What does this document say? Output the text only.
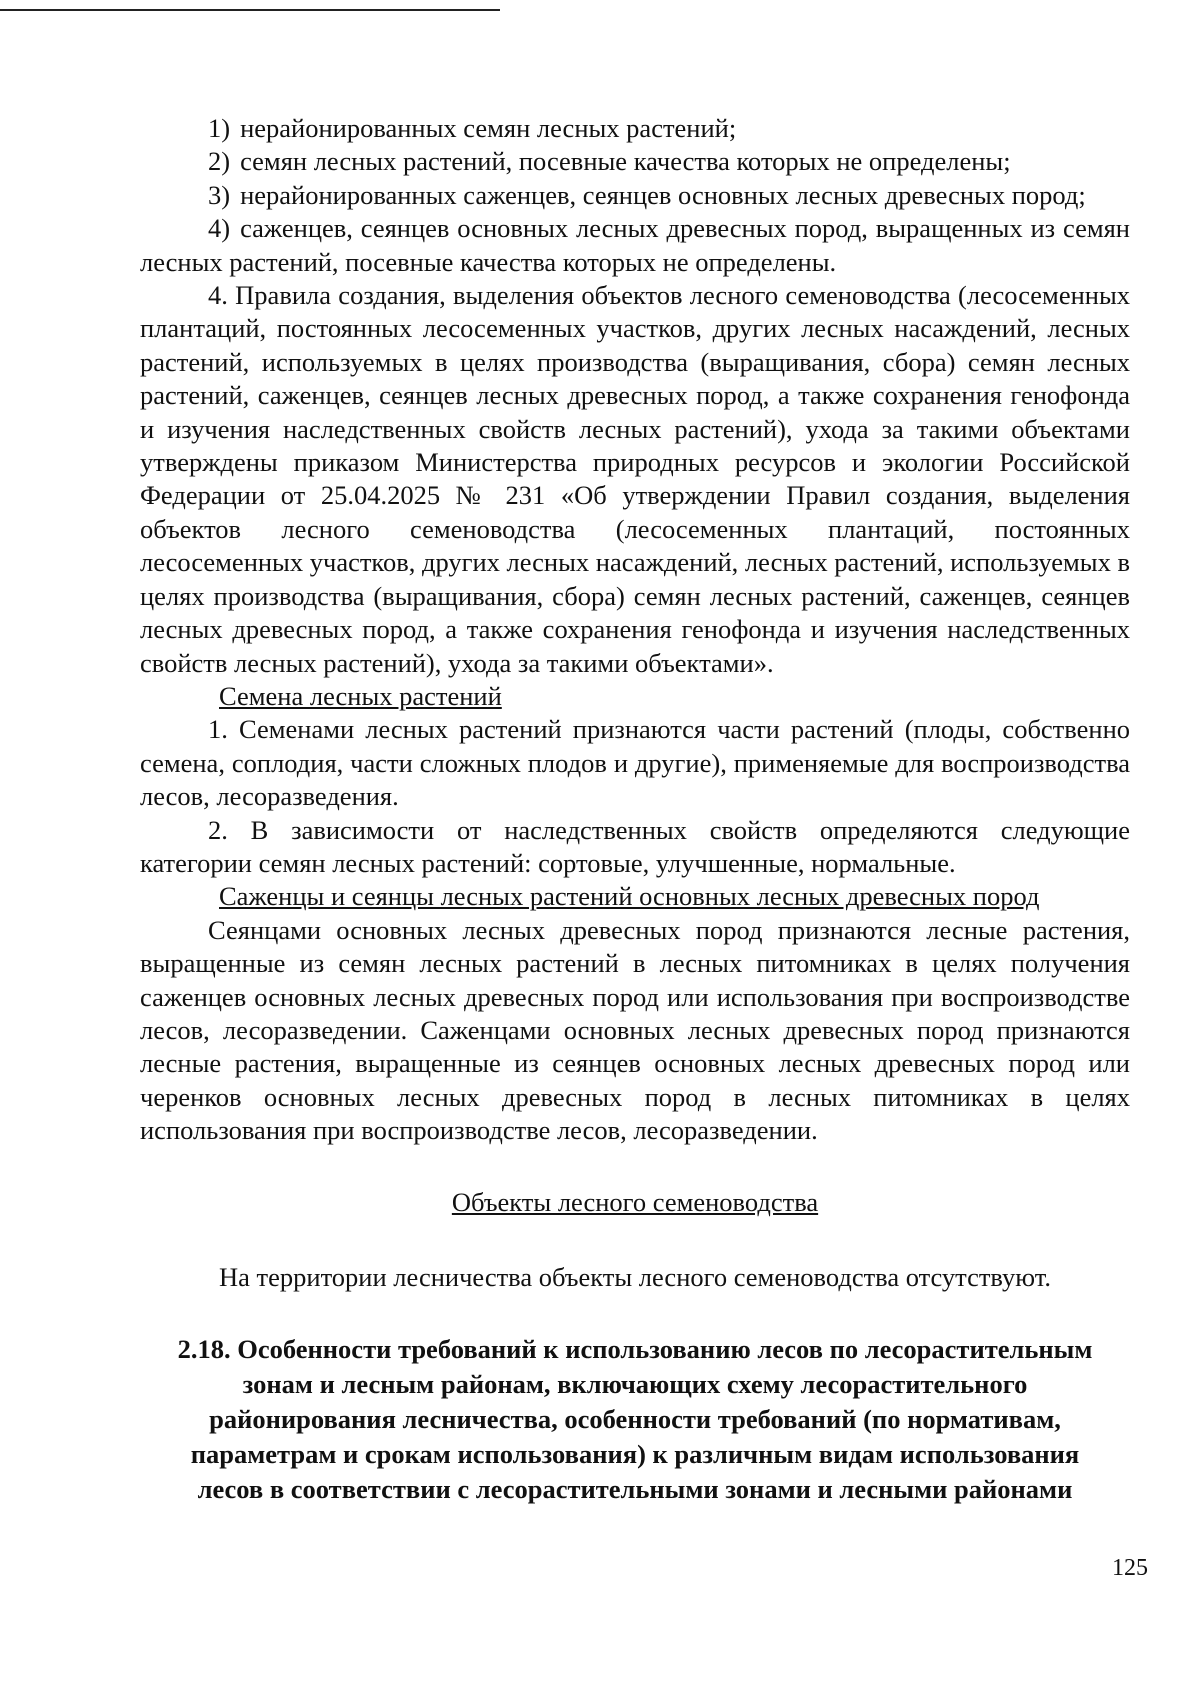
1) нерайонированных семян лесных растений;

2) семян лесных растений, посевные качества которых не определены;

3) нерайонированных саженцев, сеянцев основных лесных древесных пород;

4) саженцев, сеянцев основных лесных древесных пород, выращенных из семян лесных растений, посевные качества которых не определены.

4. Правила создания, выделения объектов лесного семеноводства (лесосеменных плантаций, постоянных лесосеменных участков, других лесных насаждений, лесных растений, используемых в целях производства (выращивания, сбора) семян лесных растений, саженцев, сеянцев лесных древесных пород, а также сохранения генофонда и изучения наследственных свойств лесных растений), ухода за такими объектами утверждены приказом Министерства природных ресурсов и экологии Российской Федерации от 25.04.2025 № 231 «Об утверждении Правил создания, выделения объектов лесного семеноводства (лесосеменных плантаций, постоянных лесосеменных участков, других лесных насаждений, лесных растений, используемых в целях производства (выращивания, сбора) семян лесных растений, саженцев, сеянцев лесных древесных пород, а также сохранения генофонда и изучения наследственных свойств лесных растений), ухода за такими объектами».

Семена лесных растений

1. Семенами лесных растений признаются части растений (плоды, собственно семена, соплодия, части сложных плодов и другие), применяемые для воспроизводства лесов, лесоразведения.

2. В зависимости от наследственных свойств определяются следующие категории семян лесных растений: сортовые, улучшенные, нормальные.

Саженцы и сеянцы лесных растений основных лесных древесных пород

Сеянцами основных лесных древесных пород признаются лесные растения, выращенные из семян лесных растений в лесных питомниках в целях получения саженцев основных лесных древесных пород или использования при воспроизводстве лесов, лесоразведении. Саженцами основных лесных древесных пород признаются лесные растения, выращенные из сеянцев основных лесных древесных пород или черенков основных лесных древесных пород в лесных питомниках в целях использования при воспроизводстве лесов, лесоразведении.

Объекты лесного семеноводства

На территории лесничества объекты лесного семеноводства отсутствуют.

2.18. Особенности требований к использованию лесов по лесорастительным
зонам и лесным районам, включающих схему лесорастительного
районирования лесничества, особенности требований (по нормативам,
параметрам и срокам использования) к различным видам использования
лесов в соответствии с лесорастительными зонами и лесными районами
125
